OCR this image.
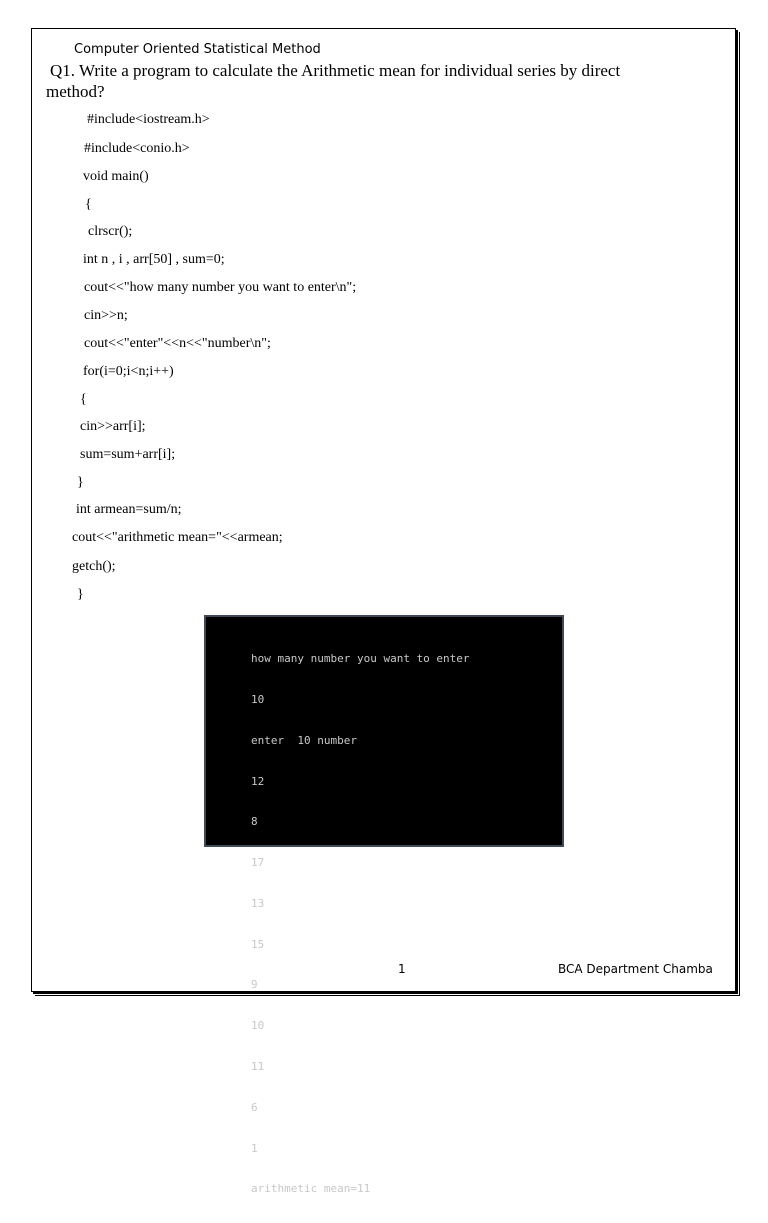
Computer Oriented Statistical Method
Q1. Write a program to calculate the Arithmetic mean for individual series by direct
method?
#include<iostream.h>
#include<conio.h>
void main()
{
clrscr();
int n , i , arr[50] , sum=0;
cout<<"how many number you want to enter\n";
cin>>n;
cout<<"enter"<<n<<"number\n";
for(i=0;i<n;i++)
{
cin>>arr[i];
sum=sum+arr[i];
}
int armean=sum/n;
cout<<"arithmetic mean="<<armean;
getch();
}

how many number you want to enter

10

enter  10 number

12

8

17

13

15

9

10

11

6

1

arithmetic mean=11

1	BCA Department Chamba
